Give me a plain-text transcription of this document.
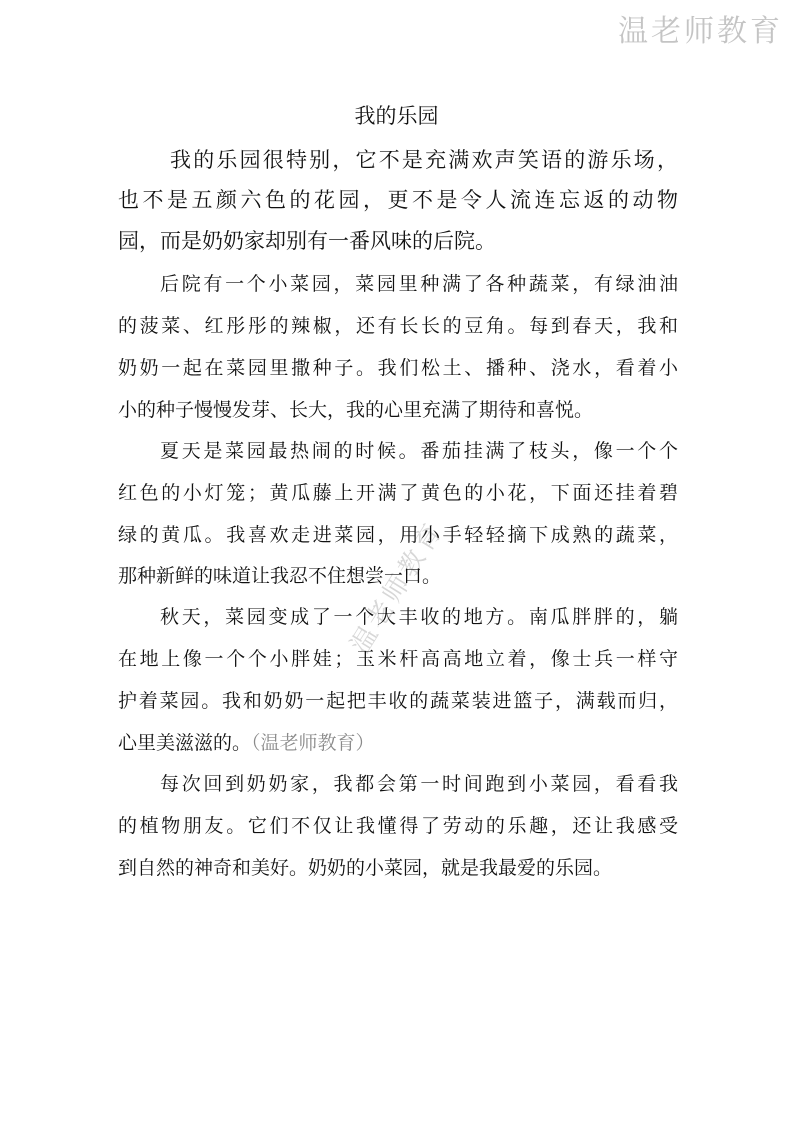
温老师教育
温老师教育
我的乐园
我的乐园很特别，它不是充满欢声笑语的游乐场，
也不是五颜六色的花园，更不是令人流连忘返的动物
园，而是奶奶家却别有一番风味的后院。
后院有一个小菜园，菜园里种满了各种蔬菜，有绿油油
的菠菜、红彤彤的辣椒，还有长长的豆角。每到春天，我和
奶奶一起在菜园里撒种子。我们松土、播种、浇水，看着小
小的种子慢慢发芽、长大，我的心里充满了期待和喜悦。
夏天是菜园最热闹的时候。番茄挂满了枝头，像一个个
红色的小灯笼；黄瓜藤上开满了黄色的小花，下面还挂着碧
绿的黄瓜。我喜欢走进菜园，用小手轻轻摘下成熟的蔬菜，
那种新鲜的味道让我忍不住想尝一口。
秋天，菜园变成了一个大丰收的地方。南瓜胖胖的，躺
在地上像一个个小胖娃；玉米杆高高地立着，像士兵一样守
护着菜园。我和奶奶一起把丰收的蔬菜装进篮子，满载而归，
心里美滋滋的。（温老师教育）
每次回到奶奶家，我都会第一时间跑到小菜园，看看我
的植物朋友。它们不仅让我懂得了劳动的乐趣，还让我感受
到自然的神奇和美好。奶奶的小菜园，就是我最爱的乐园。
